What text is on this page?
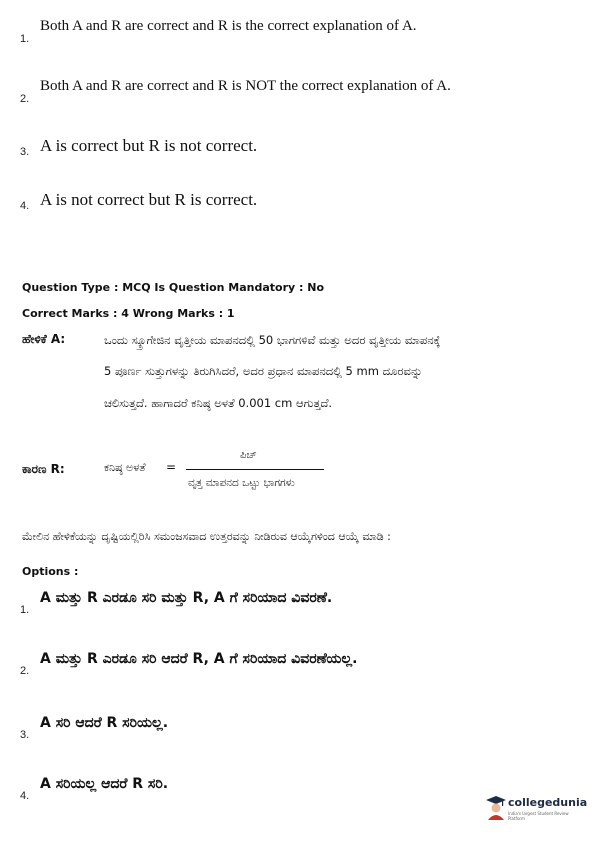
1.
Both A and R are correct and R is the correct explanation of A.
2.
Both A and R are correct and R is NOT the correct explanation of A.
3. A is correct but R is not correct.
4. A is not correct but R is correct.
Question Type : MCQ Is Question Mandatory : No
Correct Marks : 4 Wrong Marks : 1
ಹೇಳಿಕೆ A:	ಒಂದು ಸ್ಕ್ರೂಗೇಜಿನ ವೃತ್ತೀಯ ಮಾಪನದಲ್ಲಿ 50 ಭಾಗಗಳಿವೆ ಮತ್ತು ಅದರ ವೃತ್ತೀಯ ಮಾಪನಕ್ಕೆ
5 ಪೂರ್ಣ ಸುತ್ತುಗಳನ್ನು ತಿರುಗಿಸಿದರೆ, ಅದರ ಪ್ರಧಾನ ಮಾಪನದಲ್ಲಿ 5 mm ದೂರವನ್ನು
ಚಲಿಸುತ್ತದೆ. ಹಾಗಾದರೆ ಕನಿಷ್ಠ ಅಳತೆ 0.001 cm ಆಗುತ್ತದೆ.
ಕಾರಣ R:	ಕನಿಷ್ಠ ಅಳತೆ =
ಪಿಚ್
ವೃತ್ತ ಮಾಪನದ ಒಟ್ಟು ಭಾಗಗಳು
ಮೇಲಿನ ಹೇಳಿಕೆಯನ್ನು ದೃಷ್ಟಿಯಲ್ಲಿರಿಸಿ ಸಮಂಜಸವಾದ ಉತ್ತರವನ್ನು ನೀಡಿರುವ ಆಯ್ಕೆಗಳಿಂದ ಆಯ್ಕೆ ಮಾಡಿ :
Options :
1.
A ಮತ್ತು R ಎರಡೂ ಸರಿ ಮತ್ತು R, A ಗೆ ಸರಿಯಾದ ವಿವರಣೆ.
2.
A ಮತ್ತು R ಎರಡೂ ಸರಿ ಆದರೆ R, A ಗೆ ಸರಿಯಾದ ವಿವರಣೆಯಲ್ಲ.
3.
A ಸರಿ ಆದರೆ R ಸರಿಯಲ್ಲ.
4.
A ಸರಿಯಲ್ಲ ಆದರೆ R ಸರಿ.
collegedunia
India's largest Student Review Platform
